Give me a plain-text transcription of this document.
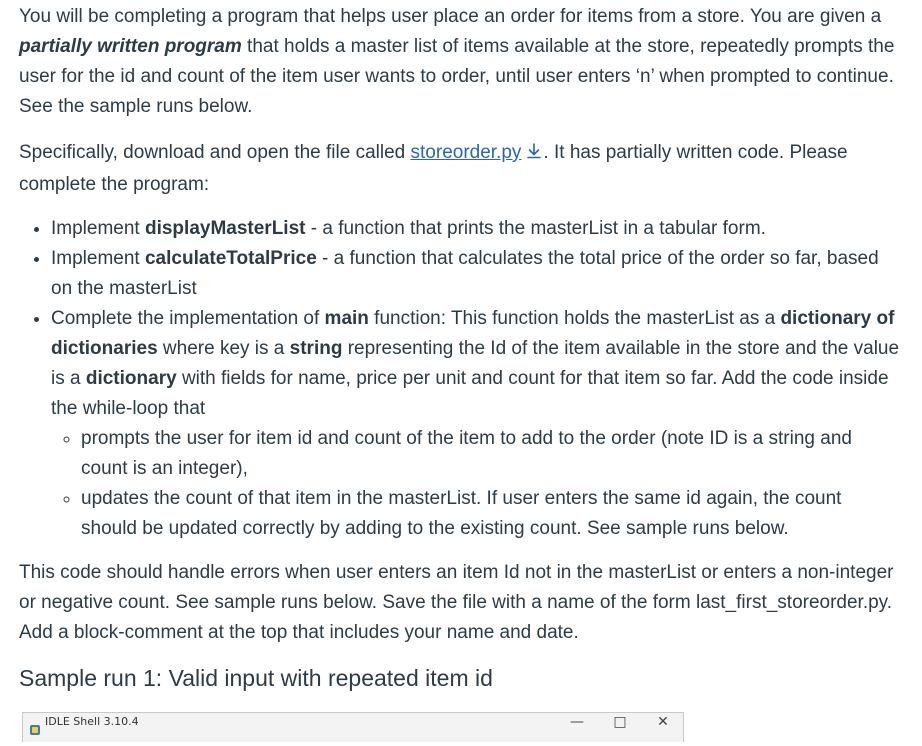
You will be completing a program that helps user place an order for items from a store. You are given a partially written program that holds a master list of items available at the store, repeatedly prompts the user for the id and count of the item user wants to order, until user enters ‘n’ when prompted to continue. See the sample runs below.

Specifically, download and open the file called storeorder.py . It has partially written code. Please complete the program:

• Implement displayMasterList - a function that prints the masterList in a tabular form.
• Implement calculateTotalPrice - a function that calculates the total price of the order so far, based on the masterList
• Complete the implementation of main function: This function holds the masterList as a dictionary of dictionaries where key is a string representing the Id of the item available in the store and the value is a dictionary with fields for name, price per unit and count for that item so far. Add the code inside the while-loop that
◦ prompts the user for item id and count of the item to add to the order (note ID is a string and count is an integer),
◦ updates the count of that item in the masterList. If user enters the same id again, the count should be updated correctly by adding to the existing count. See sample runs below.

This code should handle errors when user enters an item Id not in the masterList or enters a non-integer or negative count. See sample runs below. Save the file with a name of the form last_first_storeorder.py. Add a block-comment at the top that includes your name and date.

Sample run 1: Valid input with repeated item id
IDLE Shell 3.10.4	—	□	✕
